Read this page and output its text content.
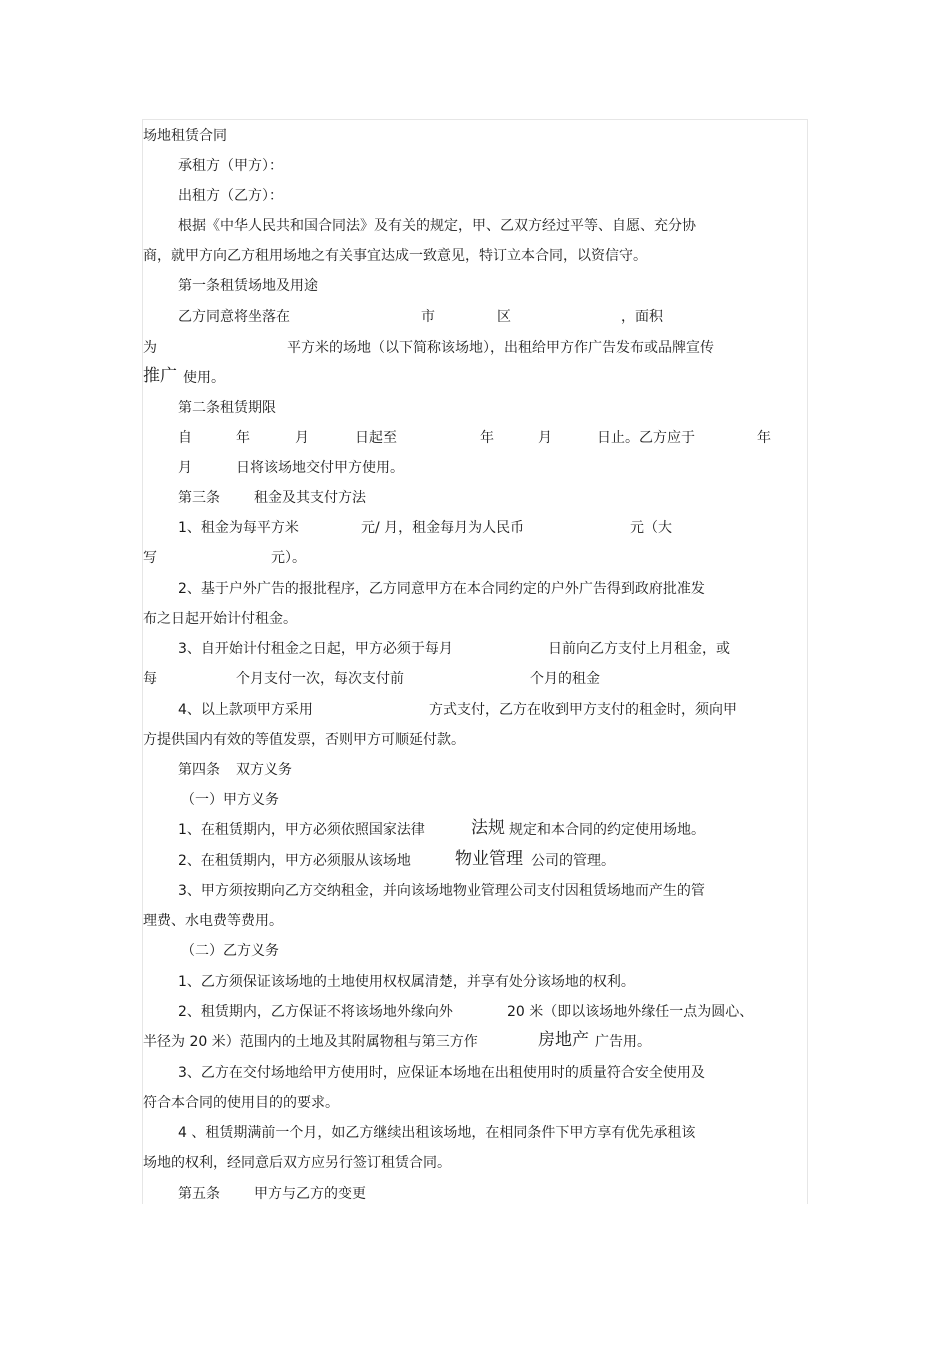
场地租赁合同
承租方（甲方）：
出租方（乙方）：
根据《中华人民共和国合同法》及有关的规定，甲、乙双方经过平等、自愿、充分协
商，就甲方向乙方租用场地之有关事宜达成一致意见，特订立本合同，以资信守。
第一条租赁场地及用途
乙方同意将坐落在	市	区	，面积
为	平方米的场地（以下简称该场地），出租给甲方作广告发布或品牌宣传
推广 使用。
第二条租赁期限
自	年	月	日起至	年	月	日止。乙方应于	年
月	日将该场地交付甲方使用。
第三条 租金及其支付方法
1、租金为每平方米	元/ 月，租金每月为人民币	元（大
写	元）。
2、基于户外广告的报批程序，乙方同意甲方在本合同约定的户外广告得到政府批准发
布之日起开始计付租金。
3、自开始计付租金之日起，甲方必须于每月	日前向乙方支付上月租金，或
每	个月支付一次，每次支付前	个月的租金
4、以上款项甲方采用	方式支付，乙方在收到甲方支付的租金时，须向甲
方提供国内有效的等值发票，否则甲方可顺延付款。
第四条 双方义务
（一）甲方义务
1、在租赁期内，甲方必须依照国家法律	法规 规定和本合同的约定使用场地。
2、在租赁期内，甲方必须服从该场地	物业管理 公司的管理。
3、甲方须按期向乙方交纳租金，并向该场地物业管理公司支付因租赁场地而产生的管
理费、水电费等费用。
（二）乙方义务
1、乙方须保证该场地的土地使用权权属清楚，并享有处分该场地的权利。
2、租赁期内，乙方保证不将该场地外缘向外	20 米（即以该场地外缘任一点为圆心、
半径为 20 米）范围内的土地及其附属物租与第三方作	房地产 广告用。
3、乙方在交付场地给甲方使用时，应保证本场地在出租使用时的质量符合安全使用及
符合本合同的使用目的的要求。
4 、租赁期满前一个月，如乙方继续出租该场地，在相同条件下甲方享有优先承租该
场地的权利，经同意后双方应另行签订租赁合同。
第五条 甲方与乙方的变更
